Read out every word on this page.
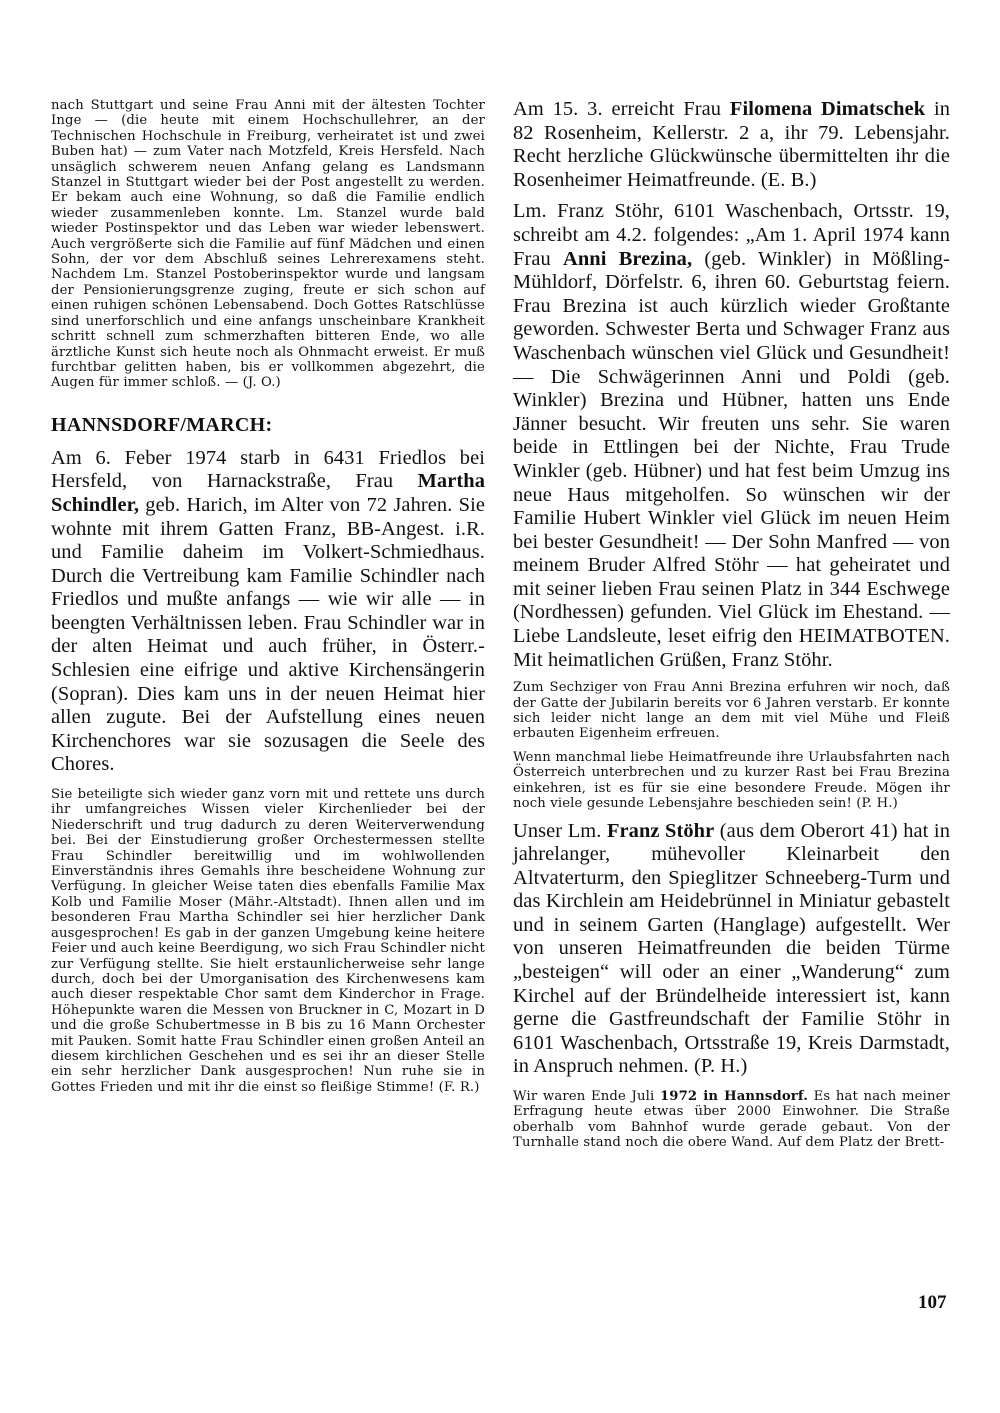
nach Stuttgart und seine Frau Anni mit der ältesten Tochter Inge — (die heute mit einem Hochschullehrer, an der Technischen Hochschule in Freiburg, verheiratet ist und zwei Buben hat) — zum Vater nach Motzfeld, Kreis Hersfeld. Nach unsäglich schwerem neuen Anfang gelang es Landsmann Stanzel in Stuttgart wieder bei der Post angestellt zu werden. Er bekam auch eine Wohnung, so daß die Familie endlich wieder zusammenleben konnte. Lm. Stanzel wurde bald wieder Postinspektor und das Leben war wieder lebenswert. Auch vergrößerte sich die Familie auf fünf Mädchen und einen Sohn, der vor dem Abschluß seines Lehrerexamens steht. Nachdem Lm. Stanzel Postoberinspektor wurde und langsam der Pensionierungsgrenze zuging, freute er sich schon auf einen ruhigen schönen Lebensabend. Doch Gottes Ratschlüsse sind unerforschlich und eine anfangs unscheinbare Krankheit schritt schnell zum schmerzhaften bitteren Ende, wo alle ärztliche Kunst sich heute noch als Ohnmacht erweist. Er muß furchtbar gelitten haben, bis er vollkommen abgezehrt, die Augen für immer schloß. — (J. O.)

HANNSDORF/MARCH:

Am 6. Feber 1974 starb in 6431 Friedlos bei Hersfeld, von Harnackstraße, Frau Martha Schindler, geb. Harich, im Alter von 72 Jahren. Sie wohnte mit ihrem Gatten Franz, BB-Angest. i.R. und Familie daheim im Volkert-Schmiedhaus. Durch die Vertreibung kam Familie Schindler nach Friedlos und mußte anfangs — wie wir alle — in beengten Verhältnissen leben. Frau Schindler war in der alten Heimat und auch früher, in Österr.-Schlesien eine eifrige und aktive Kirchensängerin (Sopran). Dies kam uns in der neuen Heimat hier allen zugute. Bei der Aufstellung eines neuen Kirchenchores war sie sozusagen die Seele des Chores.

Sie beteiligte sich wieder ganz vorn mit und rettete uns durch ihr umfangreiches Wissen vieler Kirchenlieder bei der Niederschrift und trug dadurch zu deren Weiterverwendung bei. Bei der Einstudierung großer Orchestermessen stellte Frau Schindler bereitwillig und im wohlwollenden Einverständnis ihres Gemahls ihre bescheidene Wohnung zur Verfügung. In gleicher Weise taten dies ebenfalls Familie Max Kolb und Familie Moser (Mähr.-Altstadt). Ihnen allen und im besonderen Frau Martha Schindler sei hier herzlicher Dank ausgesprochen! Es gab in der ganzen Umgebung keine heitere Feier und auch keine Beerdigung, wo sich Frau Schindler nicht zur Verfügung stellte. Sie hielt erstaunlicherweise sehr lange durch, doch bei der Umorganisation des Kirchenwesens kam auch dieser respektable Chor samt dem Kinderchor in Frage. Höhepunkte waren die Messen von Bruckner in C, Mozart in D und die große Schubertmesse in B bis zu 16 Mann Orchester mit Pauken. Somit hatte Frau Schindler einen großen Anteil an diesem kirchlichen Geschehen und es sei ihr an dieser Stelle ein sehr herzlicher Dank ausgesprochen! Nun ruhe sie in Gottes Frieden und mit ihr die einst so fleißige Stimme! (F. R.)

Am 15. 3. erreicht Frau Filomena Dimatschek in 82 Rosenheim, Kellerstr. 2 a, ihr 79. Lebensjahr. Recht herzliche Glückwünsche übermittelten ihr die Rosenheimer Heimatfreunde. (E. B.)

Lm. Franz Stöhr, 6101 Waschenbach, Ortsstr. 19, schreibt am 4.2. folgendes: „Am 1. April 1974 kann Frau Anni Brezina, (geb. Winkler) in Mößling-Mühldorf, Dörfelstr. 6, ihren 60. Geburtstag feiern. Frau Brezina ist auch kürzlich wieder Großtante geworden. Schwester Berta und Schwager Franz aus Waschenbach wünschen viel Glück und Gesundheit! — Die Schwägerinnen Anni und Poldi (geb. Winkler) Brezina und Hübner, hatten uns Ende Jänner besucht. Wir freuten uns sehr. Sie waren beide in Ettlingen bei der Nichte, Frau Trude Winkler (geb. Hübner) und hat fest beim Umzug ins neue Haus mitgeholfen. So wünschen wir der Familie Hubert Winkler viel Glück im neuen Heim bei bester Gesundheit! — Der Sohn Manfred — von meinem Bruder Alfred Stöhr — hat geheiratet und mit seiner lieben Frau seinen Platz in 344 Eschwege (Nordhessen) gefunden. Viel Glück im Ehestand. — Liebe Landsleute, leset eifrig den HEIMATBOTEN. Mit heimatlichen Grüßen, Franz Stöhr.

Zum Sechziger von Frau Anni Brezina erfuhren wir noch, daß der Gatte der Jubilarin bereits vor 6 Jahren verstarb. Er konnte sich leider nicht lange an dem mit viel Mühe und Fleiß erbauten Eigenheim erfreuen.

Wenn manchmal liebe Heimatfreunde ihre Urlaubsfahrten nach Österreich unterbrechen und zu kurzer Rast bei Frau Brezina einkehren, ist es für sie eine besondere Freude. Mögen ihr noch viele gesunde Lebensjahre beschieden sein! (P. H.)

Unser Lm. Franz Stöhr (aus dem Oberort 41) hat in jahrelanger, mühevoller Kleinarbeit den Altvaterturm, den Spieglitzer Schneeberg-Turm und das Kirchlein am Heidebrünnel in Miniatur gebastelt und in seinem Garten (Hanglage) aufgestellt. Wer von unseren Heimatfreunden die beiden Türme „besteigen“ will oder an einer „Wanderung“ zum Kirchel auf der Bründelheide interessiert ist, kann gerne die Gastfreundschaft der Familie Stöhr in 6101 Waschenbach, Ortsstraße 19, Kreis Darmstadt, in Anspruch nehmen. (P. H.)

Wir waren Ende Juli 1972 in Hannsdorf. Es hat nach meiner Erfragung heute etwas über 2000 Einwohner. Die Straße oberhalb vom Bahnhof wurde gerade gebaut. Von der Turnhalle stand noch die obere Wand. Auf dem Platz der Brett-

107
